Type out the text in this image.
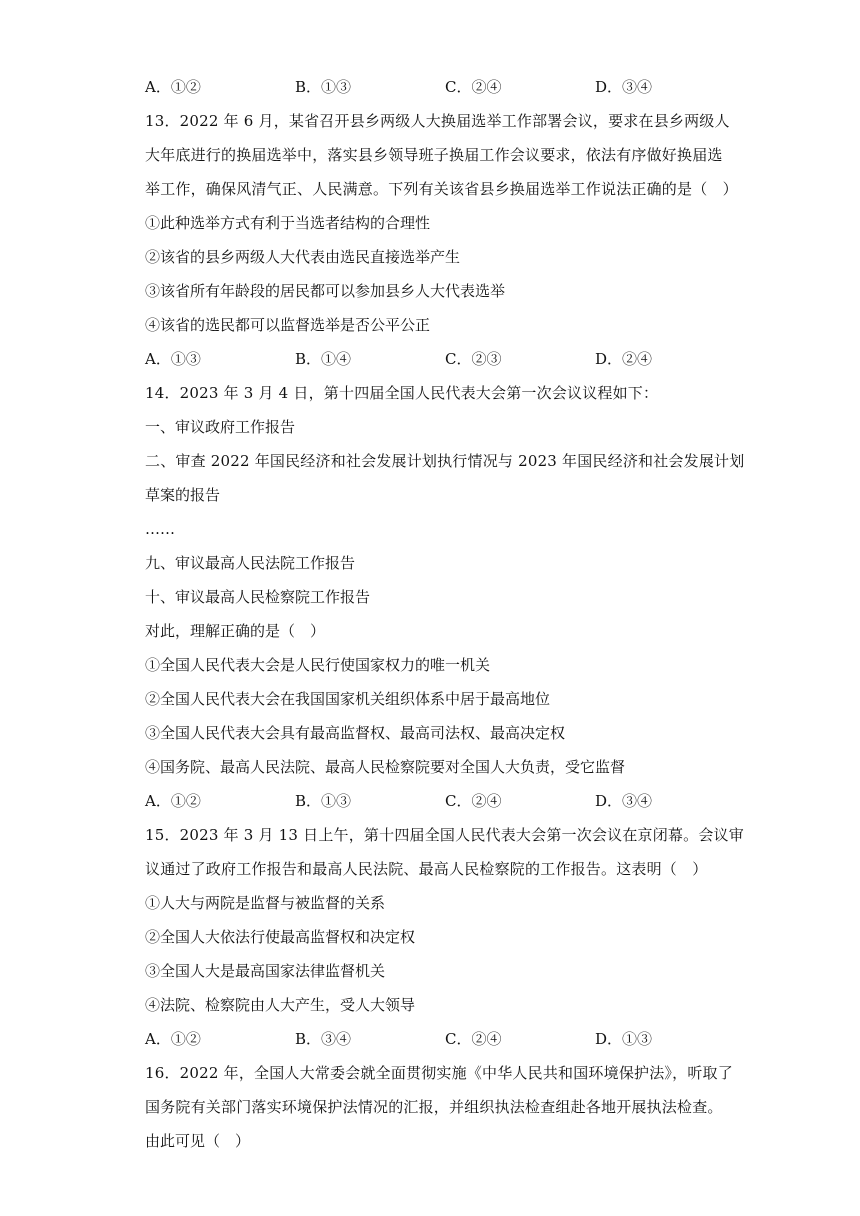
A．①②	B．①③	C．②④	D．③④
13．2022 年 6 月，某省召开县乡两级人大换届选举工作部署会议，要求在县乡两级人
大年底进行的换届选举中，落实县乡领导班子换届工作会议要求，依法有序做好换届选
举工作，确保风清气正、人民满意。下列有关该省县乡换届选举工作说法正确的是（　）
①此种选举方式有利于当选者结构的合理性
②该省的县乡两级人大代表由选民直接选举产生
③该省所有年龄段的居民都可以参加县乡人大代表选举
④该省的选民都可以监督选举是否公平公正
A．①③	B．①④	C．②③	D．②④
14．2023 年 3 月 4 日，第十四届全国人民代表大会第一次会议议程如下：
一、审议政府工作报告
二、审查 2022 年国民经济和社会发展计划执行情况与 2023 年国民经济和社会发展计划
草案的报告
……
九、审议最高人民法院工作报告
十、审议最高人民检察院工作报告
对此，理解正确的是（　）
①全国人民代表大会是人民行使国家权力的唯一机关
②全国人民代表大会在我国国家机关组织体系中居于最高地位
③全国人民代表大会具有最高监督权、最高司法权、最高决定权
④国务院、最高人民法院、最高人民检察院要对全国人大负责，受它监督
A．①②	B．①③	C．②④	D．③④
15．2023 年 3 月 13 日上午，第十四届全国人民代表大会第一次会议在京闭幕。会议审
议通过了政府工作报告和最高人民法院、最高人民检察院的工作报告。这表明（　）
①人大与两院是监督与被监督的关系
②全国人大依法行使最高监督权和决定权
③全国人大是最高国家法律监督机关
④法院、检察院由人大产生，受人大领导
A．①②	B．③④	C．②④	D．①③
16．2022 年，全国人大常委会就全面贯彻实施《中华人民共和国环境保护法》，听取了
国务院有关部门落实环境保护法情况的汇报，并组织执法检查组赴各地开展执法检查。
由此可见（　）
